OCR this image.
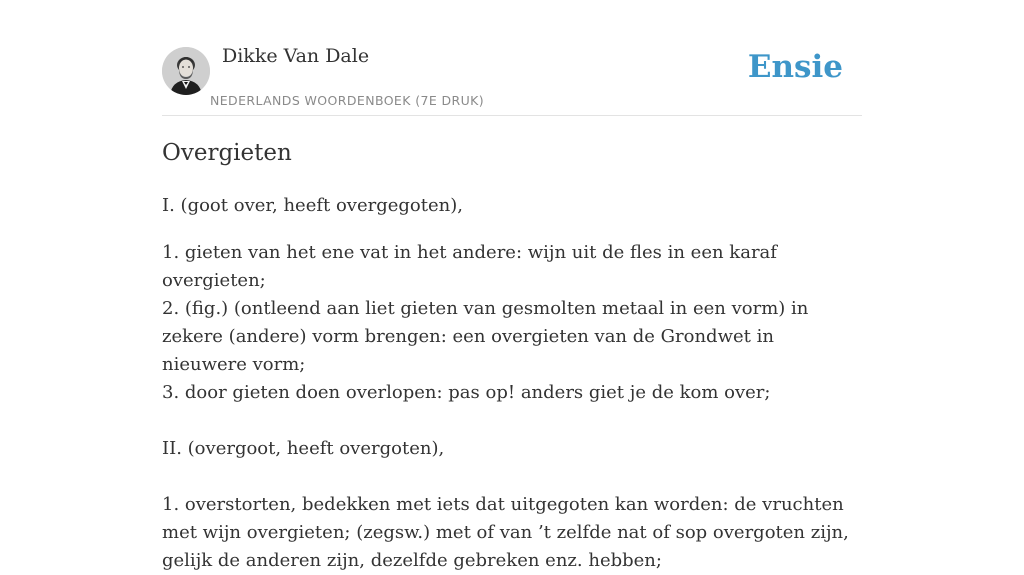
Dikke Van Dale
NEDERLANDS WOORDENBOEK (7E DRUK)
Ensie
Overgieten

I. (goot over, heeft overgegoten),

1. gieten van het ene vat in het andere: wijn uit de fles in een karaf overgieten;

2. (fig.) (ontleend aan liet gieten van gesmolten metaal in een vorm) in zekere (andere) vorm brengen: een overgieten van de Grondwet in nieuwere vorm;

3. door gieten doen overlopen: pas op! anders giet je de kom over;

II. (overgoot, heeft overgoten),

1. overstorten, bedekken met iets dat uitgegoten kan worden: de vruchten met wijn overgieten; (zegsw.) met of van ’t zelfde nat of sop overgoten zijn, gelijk de anderen zijn, dezelfde gebreken enz. hebben;
